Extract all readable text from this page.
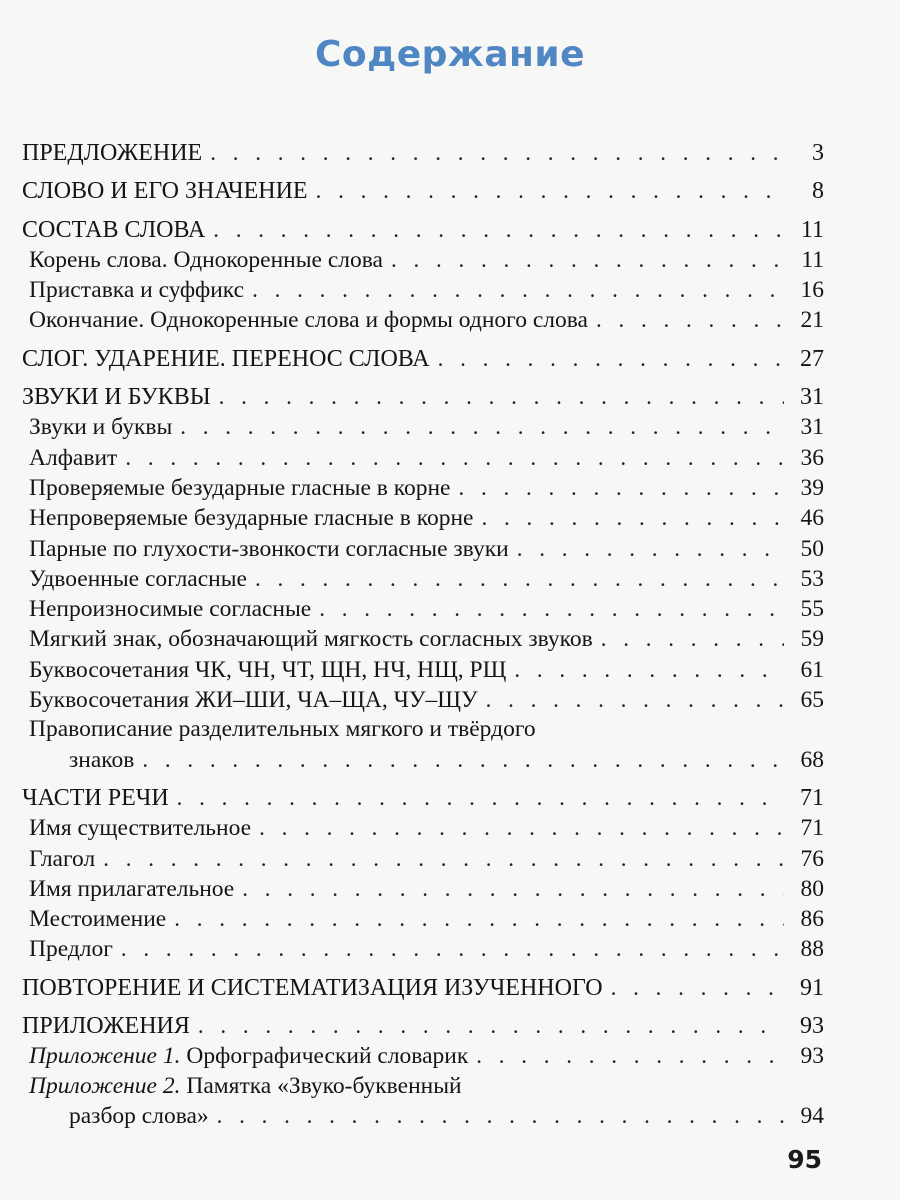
Содержание
ПРЕДЛОЖЕНИЕ . . .	3
СЛОВО И ЕГО ЗНАЧЕНИЕ . . .	8
СОСТАВ СЛОВА . . .	11
Корень слова. Однокоренные слова . . .	11
Приставка и суффикс . . .	16
Окончание. Однокоренные слова и формы одного слова . . .	21
СЛОГ. УДАРЕНИЕ. ПЕРЕНОС СЛОВА . . .	27
ЗВУКИ И БУКВЫ . . .	31
Звуки и буквы . . .	31
Алфавит . . .	36
Проверяемые безударные гласные в корне . . .	39
Непроверяемые безударные гласные в корне . . .	46
Парные по глухости-звонкости согласные звуки . . .	50
Удвоенные согласные . . .	53
Непроизносимые согласные . . .	55
Мягкий знак, обозначающий мягкость согласных звуков . . .	59
Буквосочетания ЧК, ЧН, ЧТ, ЩН, НЧ, НЩ, РЩ . . .	61
Буквосочетания ЖИ–ШИ, ЧА–ЩА, ЧУ–ЩУ . . .	65
Правописание разделительных мягкого и твёрдого
знаков . . .	68
ЧАСТИ РЕЧИ . . .	71
Имя существительное . . .	71
Глагол . . .	76
Имя прилагательное . . .	80
Местоимение . . .	86
Предлог . . .	88
ПОВТОРЕНИЕ И СИСТЕМАТИЗАЦИЯ ИЗУЧЕННОГО . . .	91
ПРИЛОЖЕНИЯ . . .	93
Приложение 1. Орфографический словарик . . .	93
Приложение 2. Памятка «Звуко-буквенный
разбор слова» . . .	94
95
